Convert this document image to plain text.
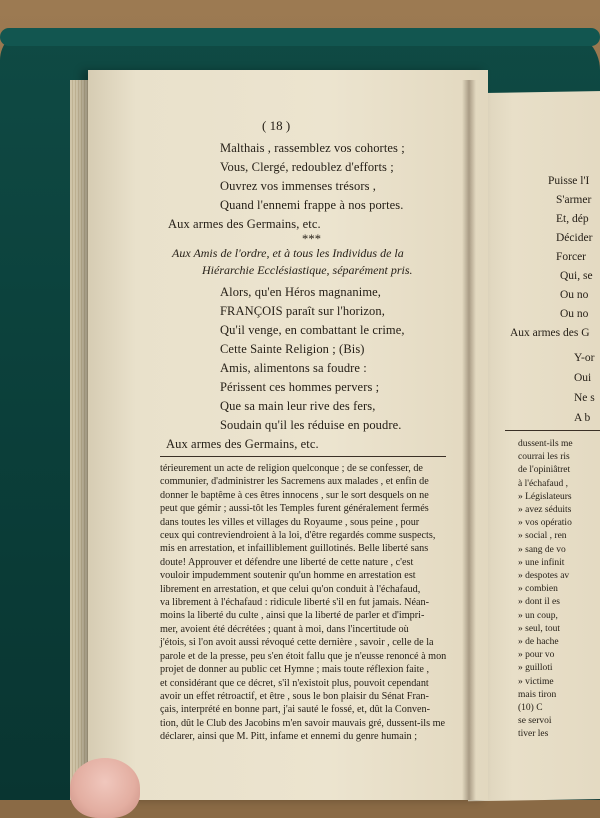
( 18 )
Malthais , rassemblez vos cohortes ;
Vous, Clergé, redoublez d'efforts ;
Ouvrez vos immenses trésors ,
Quand l'ennemi frappe à nos portes.
Aux armes des Germains, etc.
***
Aux Amis de l'ordre, et à tous les Individus de la
Hiérarchie Ecclésiastique, séparément pris.
Alors, qu'en Héros magnanime,
FRANÇOIS paraît sur l'horizon,
Qu'il venge, en combattant le crime,
Cette Sainte Religion ; (Bis)
Amis, alimentons sa foudre :
Périssent ces hommes pervers ;
Que sa main leur rive des fers,
Soudain qu'il les réduise en poudre.
Aux armes des Germains, etc.
térieurement un acte de religion quelconque ; de se confesser, de
communier, d'administrer les Sacremens aux malades , et enfin de
donner le baptême à ces êtres innocens , sur le sort desquels on ne
peut que gémir ; aussi-tôt les Temples furent généralement fermés
dans toutes les villes et villages du Royaume , sous peine , pour
ceux qui contreviendroient à la loi, d'être regardés comme suspects,
mis en arrestation, et infailliblement guillotinés. Belle liberté sans
doute! Approuver et défendre une liberté de cette nature , c'est
vouloir impudemment soutenir qu'un homme en arrestation est
librement en arrestation, et que celui qu'on conduit à l'échafaud,
va librement à l'échafaud : ridicule liberté s'il en fut jamais. Néan-
moins la liberté du culte , ainsi que la liberté de parler et d'impri-
mer, avoient été décrétées ; quant à moi, dans l'incertitude où
j'étois, si l'on avoit aussi révoqué cette dernière , savoir , celle de la
parole et de la presse, peu s'en étoit fallu que je n'eusse renoncé à mon
projet de donner au public cet Hymne ; mais toute réflexion faite ,
et considérant que ce décret, s'il n'existoit plus, pouvoit cependant
avoir un effet rétroactif, et être , sous le bon plaisir du Sénat Fran-
çais, interprété en bonne part, j'ai sauté le fossé, et, dût la Conven-
tion, dût le Club des Jacobins m'en savoir mauvais gré, dussent-ils me
déclarer, ainsi que M. Pitt, infame et ennemi du genre humain ;
Puisse l'I
S'armer
Et, dép
Décider
Forcer
Qui, se
Ou no
Ou no
Aux armes des G
Y-or
Oui
Ne s
A b
dussent-ils me
courrai les ris
de l'opiniâtret
à l'échafaud ,
» Législateurs
» avez séduits
» vos opératio
» social , ren
» sang de vo
» une infinit
» despotes av
» combien
» dont il es
» un coup,
» seul, tout
» de hache
» pour vo
» guilloti
» victime
mais tiron
(10) C
se servoi
tiver les
